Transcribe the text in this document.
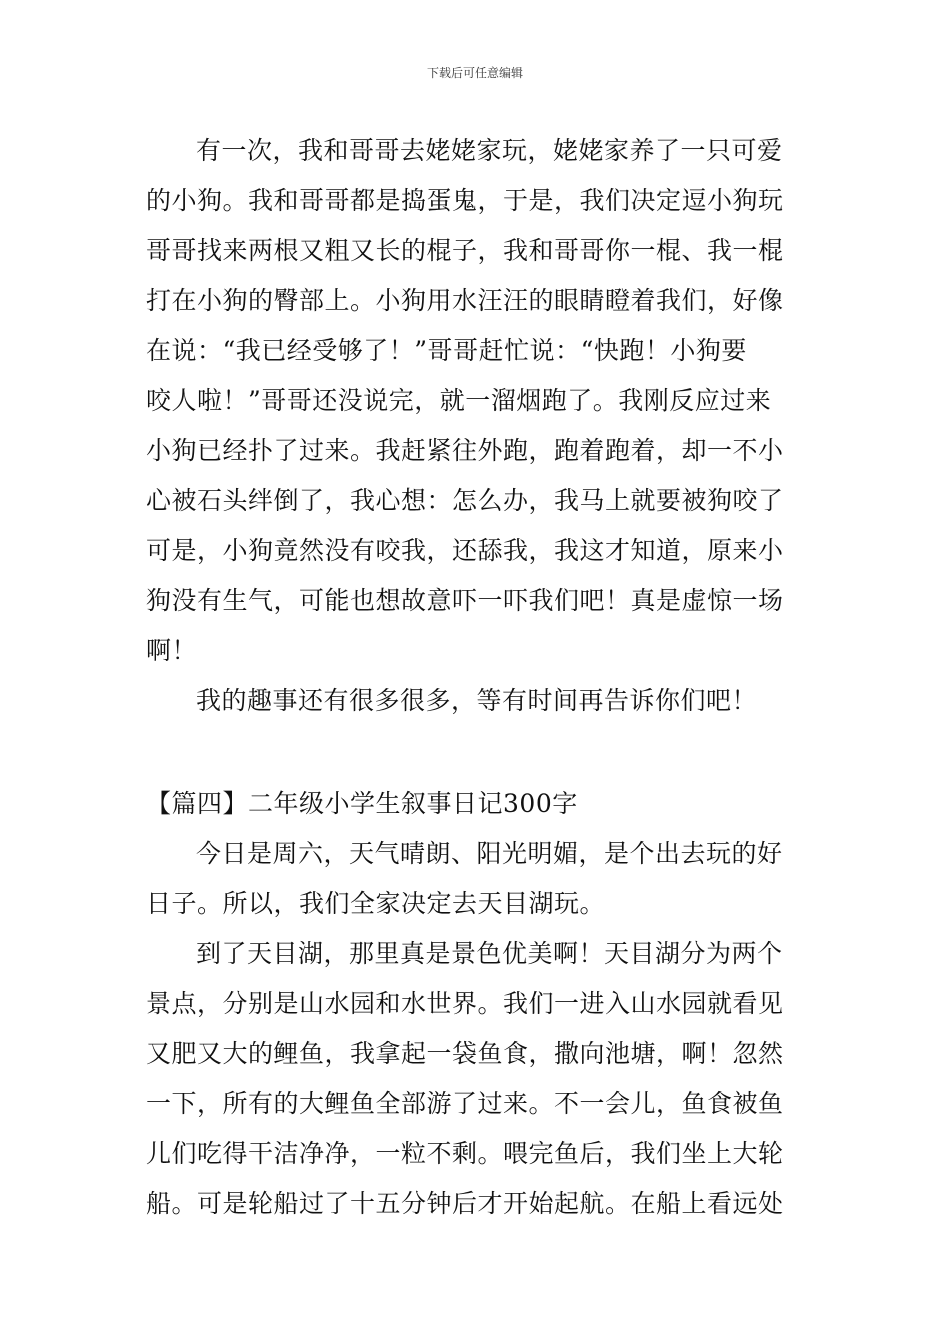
下载后可任意编辑
有一次，我和哥哥去姥姥家玩，姥姥家养了一只可爱
的小狗。我和哥哥都是捣蛋鬼，于是，我们决定逗小狗玩
哥哥找来两根又粗又长的棍子，我和哥哥你一棍、我一棍
打在小狗的臀部上。小狗用水汪汪的眼睛瞪着我们，好像
在说：“我已经受够了！”哥哥赶忙说：“快跑！小狗要
咬人啦！”哥哥还没说完，就一溜烟跑了。我刚反应过来
小狗已经扑了过来。我赶紧往外跑，跑着跑着，却一不小
心被石头绊倒了，我心想：怎么办，我马上就要被狗咬了
可是，小狗竟然没有咬我，还舔我，我这才知道，原来小
狗没有生气，可能也想故意吓一吓我们吧！真是虚惊一场
啊！
我的趣事还有很多很多，等有时间再告诉你们吧！
【篇四】二年级小学生叙事日记300字
今日是周六，天气晴朗、阳光明媚，是个出去玩的好
日子。所以，我们全家决定去天目湖玩。
到了天目湖，那里真是景色优美啊！天目湖分为两个
景点，分别是山水园和水世界。我们一进入山水园就看见
又肥又大的鲤鱼，我拿起一袋鱼食，撒向池塘，啊！忽然
一下，所有的大鲤鱼全部游了过来。不一会儿，鱼食被鱼
儿们吃得干洁净净，一粒不剩。喂完鱼后，我们坐上大轮
船。可是轮船过了十五分钟后才开始起航。在船上看远处
